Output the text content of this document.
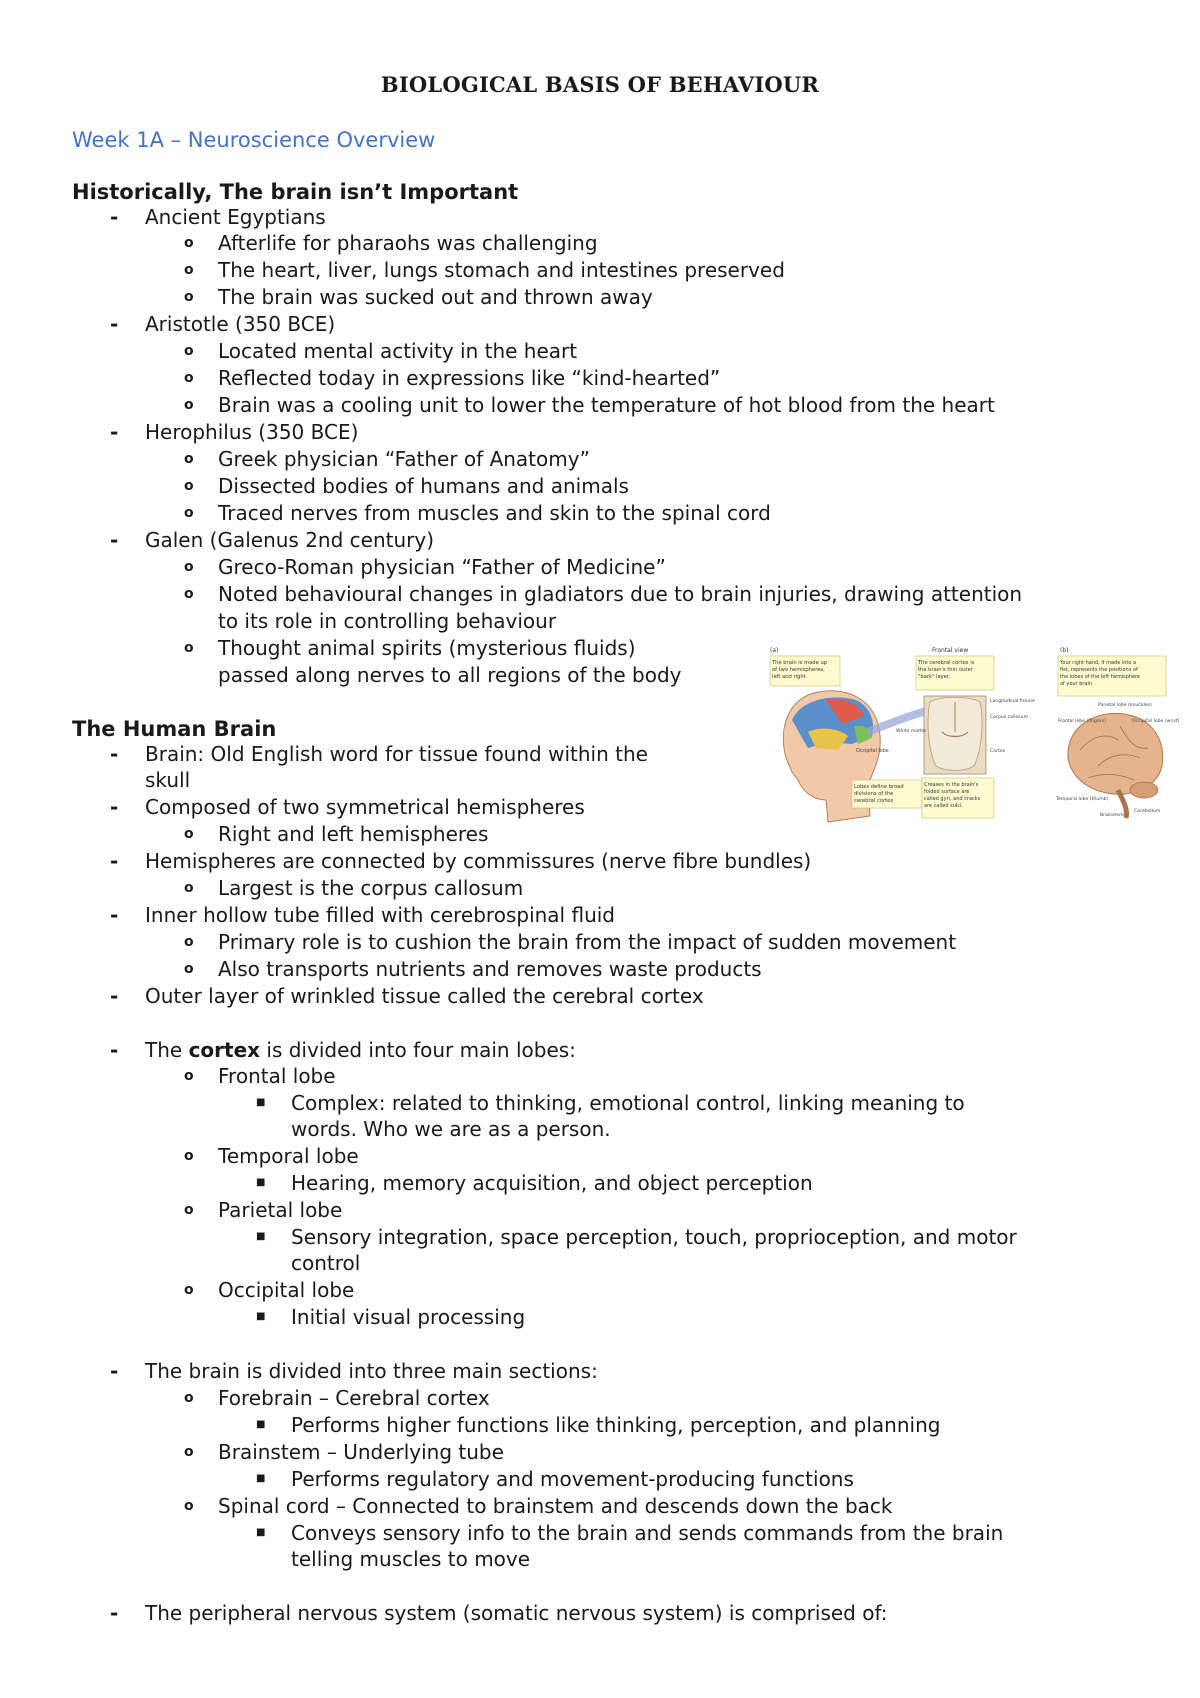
BIOLOGICAL BASIS OF BEHAVIOUR
Week 1A – Neuroscience Overview
Historically, The brain isn’t Important
- Ancient Egyptians
o Afterlife for pharaohs was challenging
o The heart, liver, lungs stomach and intestines preserved
o The brain was sucked out and thrown away
- Aristotle (350 BCE)
o Located mental activity in the heart
o Reflected today in expressions like “kind-hearted”
o Brain was a cooling unit to lower the temperature of hot blood from the heart
- Herophilus (350 BCE)
o Greek physician “Father of Anatomy”
o Dissected bodies of humans and animals
o Traced nerves from muscles and skin to the spinal cord
- Galen (Galenus 2nd century)
o Greco-Roman physician “Father of Medicine”
o Noted behavioural changes in gladiators due to brain injuries, drawing attention
to its role in controlling behaviour
o Thought animal spirits (mysterious fluids)
passed along nerves to all regions of the body
The Human Brain
- Brain: Old English word for tissue found within the
skull
- Composed of two symmetrical hemispheres
o Right and left hemispheres
- Hemispheres are connected by commissures (nerve fibre bundles)
o Largest is the corpus callosum
- Inner hollow tube filled with cerebrospinal fluid
o Primary role is to cushion the brain from the impact of sudden movement
o Also transports nutrients and removes waste products
- Outer layer of wrinkled tissue called the cerebral cortex
- The cortex is divided into four main lobes:
o Frontal lobe
■ Complex: related to thinking, emotional control, linking meaning to
words. Who we are as a person.
o Temporal lobe
■ Hearing, memory acquisition, and object perception
o Parietal lobe
■ Sensory integration, space perception, touch, proprioception, and motor
control
o Occipital lobe
■ Initial visual processing
- The brain is divided into three main sections:
o Forebrain – Cerebral cortex
■ Performs higher functions like thinking, perception, and planning
o Brainstem – Underlying tube
■ Performs regulatory and movement-producing functions
o Spinal cord – Connected to brainstem and descends down the back
■ Conveys sensory info to the brain and sends commands from the brain
telling muscles to move
- The peripheral nervous system (somatic nervous system) is comprised of:
(a)
The brain is made up of two hemispheres, left and right
Lobes define broad divisions of the cerebral cortex
Occipital lobe
Frontal view
The cerebral cortex is the brain's thin outer "bark" layer.
Longitudinal fissure Corpus callosum White matter Cortex
Creases in the brain's folded surface are called gyri, and cracks are called sulci.
(b)
Your right hand, if made into a fist, represents the positions of the lobes of the left hemisphere of your brain.
Frontal lobe (fingers) Parietal lobe (knuckles) Occipital lobe (wrist) Temporal lobe (thumb) Brainstem Cerebellum
